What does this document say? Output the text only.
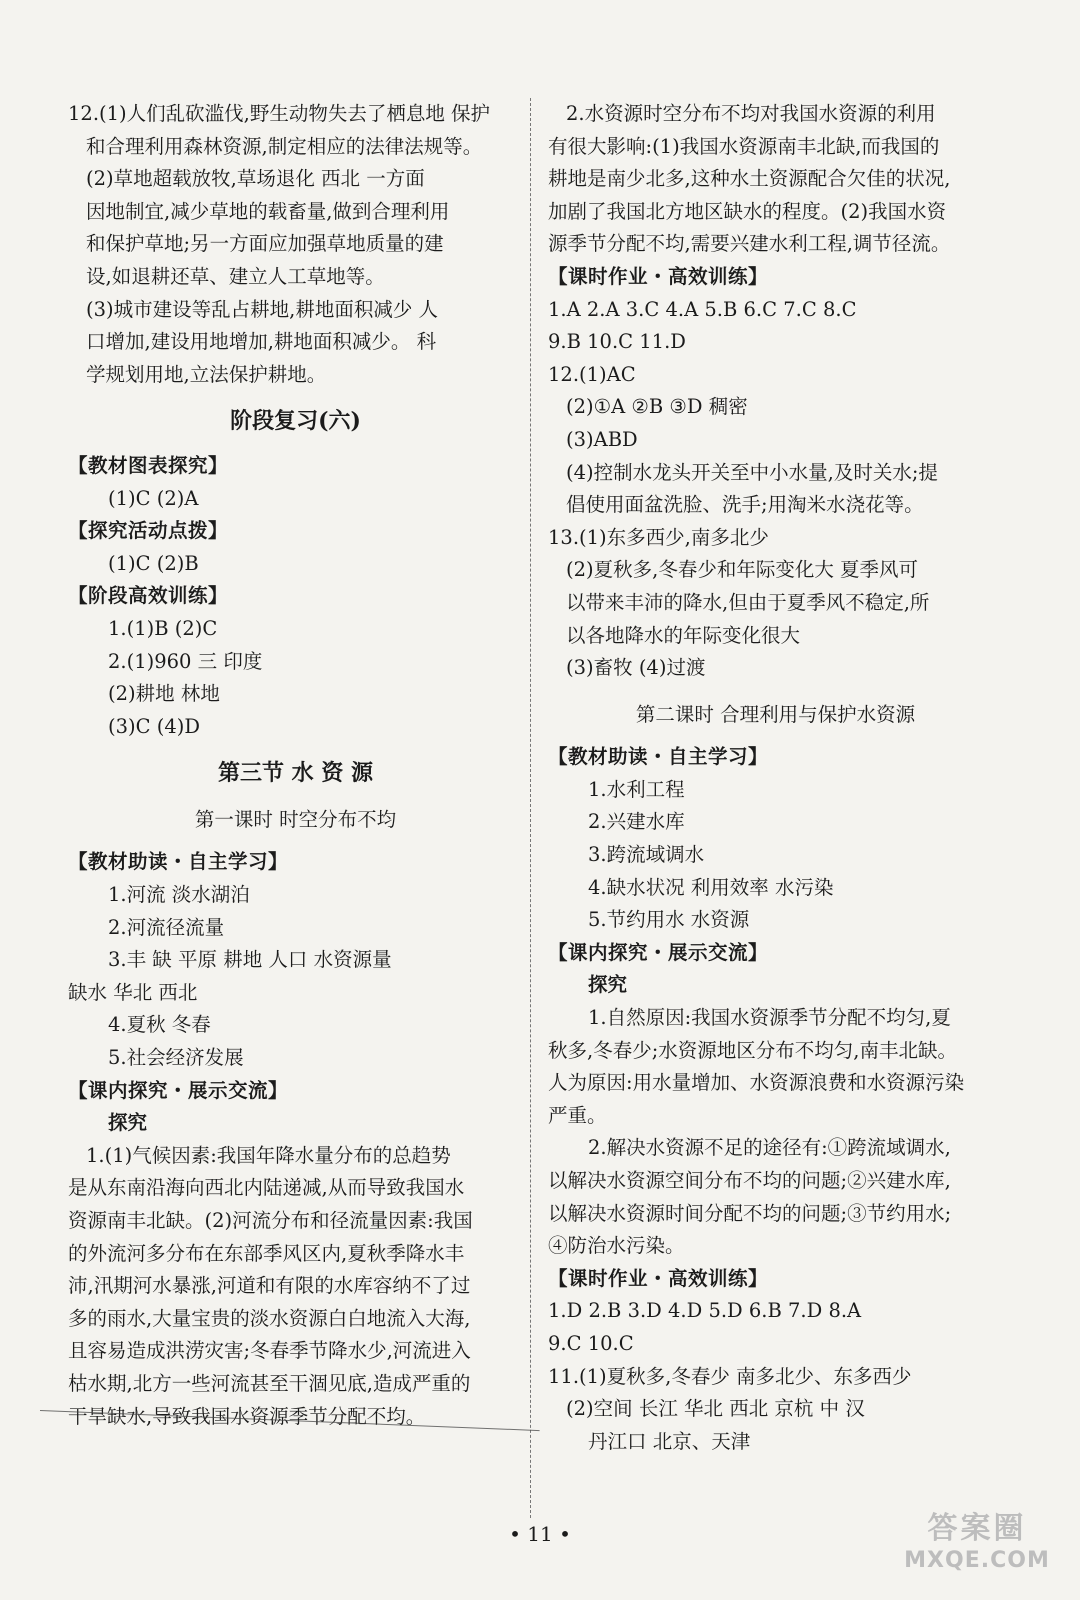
12.(1)人们乱砍滥伐,野生动物失去了栖息地 保护
和合理利用森林资源,制定相应的法律法规等。
(2)草地超载放牧,草场退化 西北 一方面
因地制宜,减少草地的载畜量,做到合理利用
和保护草地;另一方面应加强草地质量的建
设,如退耕还草、建立人工草地等。
(3)城市建设等乱占耕地,耕地面积减少 人
口增加,建设用地增加,耕地面积减少。 科
学规划用地,立法保护耕地。
阶段复习(六)
【教材图表探究】
(1)C (2)A
【探究活动点拨】
(1)C (2)B
【阶段高效训练】
1.(1)B (2)C
2.(1)960 三 印度
(2)耕地 林地
(3)C (4)D
第三节 水 资 源
第一课时 时空分布不均
【教材助读・自主学习】
1.河流 淡水湖泊
2.河流径流量
3.丰 缺 平原 耕地 人口 水资源量
缺水 华北 西北
4.夏秋 冬春
5.社会经济发展
【课内探究・展示交流】
探究
1.(1)气候因素:我国年降水量分布的总趋势
是从东南沿海向西北内陆递减,从而导致我国水
资源南丰北缺。(2)河流分布和径流量因素:我国
的外流河多分布在东部季风区内,夏秋季降水丰
沛,汛期河水暴涨,河道和有限的水库容纳不了过
多的雨水,大量宝贵的淡水资源白白地流入大海,
且容易造成洪涝灾害;冬春季节降水少,河流进入
枯水期,北方一些河流甚至干涸见底,造成严重的
干旱缺水,导致我国水资源季节分配不均。
2.水资源时空分布不均对我国水资源的利用
有很大影响:(1)我国水资源南丰北缺,而我国的
耕地是南少北多,这种水土资源配合欠佳的状况,
加剧了我国北方地区缺水的程度。(2)我国水资
源季节分配不均,需要兴建水利工程,调节径流。
【课时作业・高效训练】
1.A 2.A 3.C 4.A 5.B 6.C 7.C 8.C
9.B 10.C 11.D
12.(1)AC
(2)①A ②B ③D 稠密
(3)ABD
(4)控制水龙头开关至中小水量,及时关水;提
倡使用面盆洗脸、洗手;用淘米水浇花等。
13.(1)东多西少,南多北少
(2)夏秋多,冬春少和年际变化大 夏季风可
以带来丰沛的降水,但由于夏季风不稳定,所
以各地降水的年际变化很大
(3)畜牧 (4)过渡
第二课时 合理利用与保护水资源
【教材助读・自主学习】
1.水利工程
2.兴建水库
3.跨流域调水
4.缺水状况 利用效率 水污染
5.节约用水 水资源
【课内探究・展示交流】
探究
1.自然原因:我国水资源季节分配不均匀,夏
秋多,冬春少;水资源地区分布不均匀,南丰北缺。
人为原因:用水量增加、水资源浪费和水资源污染
严重。
2.解决水资源不足的途径有:①跨流域调水,
以解决水资源空间分布不均的问题;②兴建水库,
以解决水资源时间分配不均的问题;③节约用水;
④防治水污染。
【课时作业・高效训练】
1.D 2.B 3.D 4.D 5.D 6.B 7.D 8.A
9.C 10.C
11.(1)夏秋多,冬春少 南多北少、东多西少
(2)空间 长江 华北 西北 京杭 中 汉
丹江口 北京、天津
• 11 •	答案圈
MXQE.COM
